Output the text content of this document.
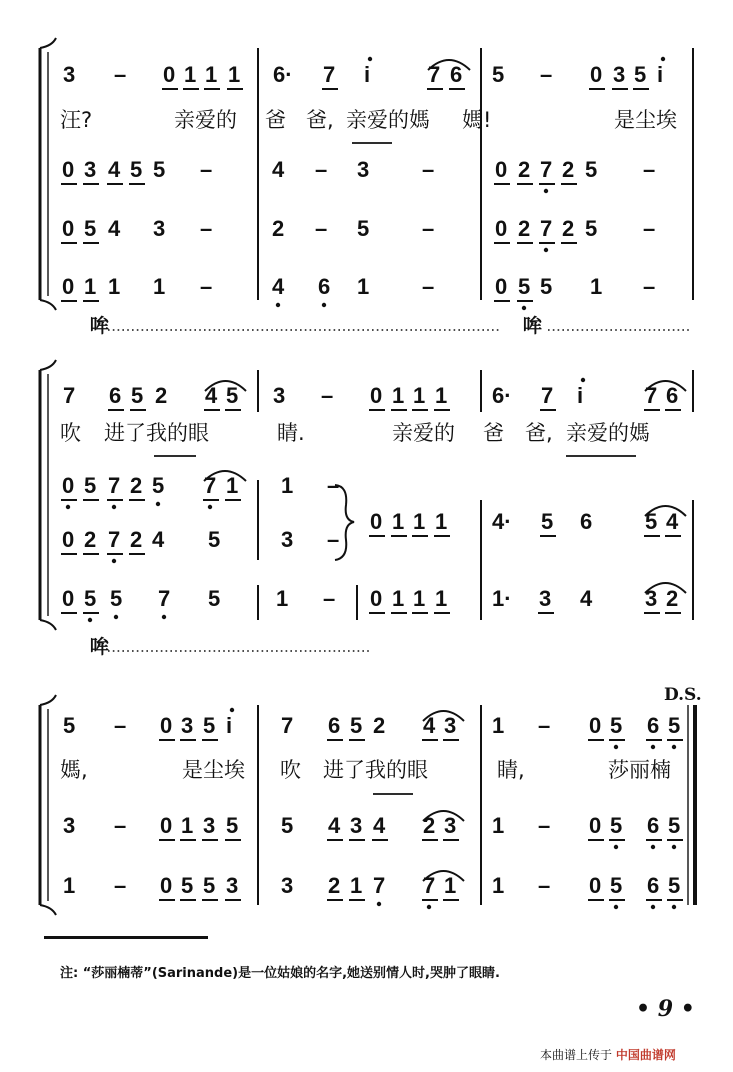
3 – 0 1 1 1 6· 7 i	7 6 5 – 0 3 5 i
汪?	亲爱的 爸 爸, 亲爱的媽 媽!	是尘埃
0 3 4 5 5 –	4 – 3 –	0 2 7 2 5 –
0 5 4 3 –	2 – 5 –	0 2 7 2 5 –
0 1 1 1 –	4 6 1 –	0 5 5 1 –
7 6 5 2 4 5 3 – 0 1 1 1 6· 7 i	7 6
吹 进了我的眼	睛.	亲爱的 爸 爸, 亲爱的媽
0 5 7 2 5 7 1 1 –
0 1 1 1 4· 5 6 5 4
0 2 7 2 4 5	3 –
0 5 5 7 5	1 – 0 1 1 1 1· 3 4 3 2
5 – 0 3 5 i 7 6 5 2 4 3 1 – 0 5 6 5
媽,	是尘埃 吹 进了我的眼	睛,	莎丽楠
3 – 0 1 3 5 5 4 3 4 2 3 1 – 0 5 6 5
1 – 0 5 5 3 3 2 1 7 7 1 1 – 0 5 6 5
哞	哞
哞
D.S.
注: “莎丽楠蒂”(Sarinande)是一位姑娘的名字,她送别情人时,哭肿了眼睛.
• 9 •
本曲谱上传于 中国曲谱网
